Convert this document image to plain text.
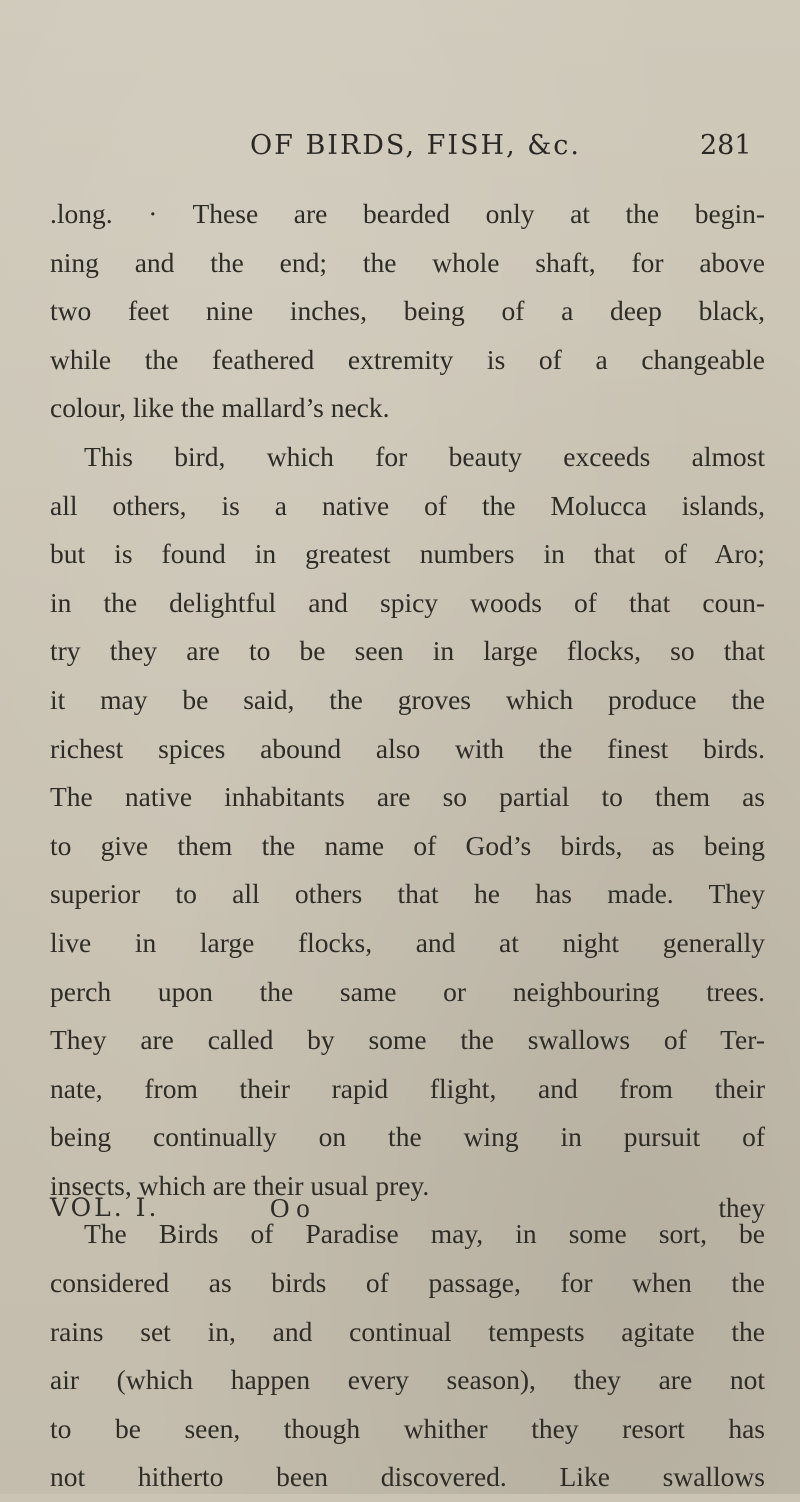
OF BIRDS, FISH, &c.	281
.long. · These are bearded only at the begin-
ning and the end; the whole shaft, for above
two feet nine inches, being of a deep black,
while the feathered extremity is of a changeable
colour, like the mallard’s neck.
This bird, which for beauty exceeds almost
all others, is a native of the Molucca islands,
but is found in greatest numbers in that of Aro;
in the delightful and spicy woods of that coun-
try they are to be seen in large flocks, so that
it may be said, the groves which produce the
richest spices abound also with the finest birds.
The native inhabitants are so partial to them as
to give them the name of God’s birds, as being
superior to all others that he has made. They
live in large flocks, and at night generally
perch upon the same or neighbouring trees.
They are called by some the swallows of Ter-
nate, from their rapid flight, and from their
being continually on the wing in pursuit of
insects, which are their usual prey.
The Birds of Paradise may, in some sort, be
considered as birds of passage, for when the
rains set in, and continual tempests agitate the
air (which happen every season), they are not
to be seen, though whither they resort has
not hitherto been discovered. Like swallows
VOL. I.	O o	they
